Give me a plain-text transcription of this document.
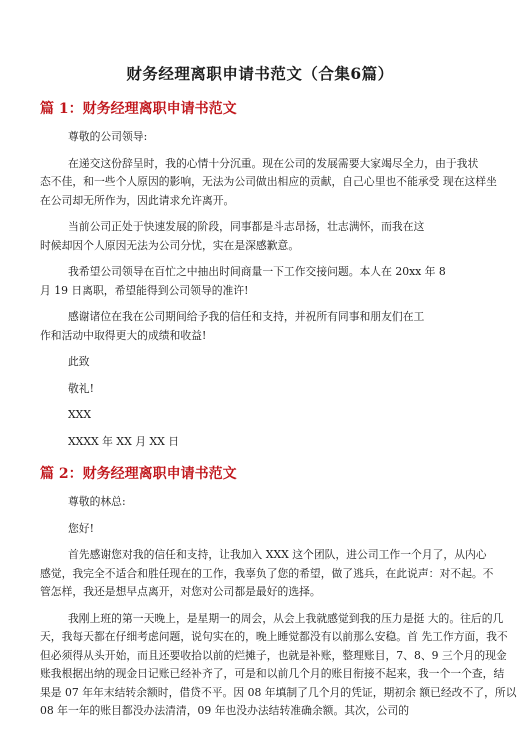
财务经理离职申请书范文（合集6篇）
篇 1：财务经理离职申请书范文
尊敬的公司领导:
在递交这份辞呈时，我的心情十分沉重。现在公司的发展需要大家竭尽全力，由于我状
态不佳，和一些个人原因的影响，无法为公司做出相应的贡献，自己心里也不能承受 现在这样坐
在公司却无所作为，因此请求允许离开。
当前公司正处于快速发展的阶段，同事都是斗志昂扬，壮志满怀，而我在这
时候却因个人原因无法为公司分忧，实在是深感歉意。
我希望公司领导在百忙之中抽出时间商量一下工作交接问题。本人在 20xx 年 8
月 19 日离职，希望能得到公司领导的准许!
感谢诸位在我在公司期间给予我的信任和支持，并祝所有同事和朋友们在工
作和活动中取得更大的成绩和收益!
此致
敬礼!
XXX
XXXX 年 XX 月 XX 日
篇 2：财务经理离职申请书范文
尊敬的林总:
您好!
首先感谢您对我的信任和支持，让我加入 XXX 这个团队，进公司工作一个月了，从内心
感觉，我完全不适合和胜任现在的工作，我辜负了您的希望，做了逃兵，在此说声：对不起。不
管怎样，我还是想早点离开，对您对公司都是最好的选择。
我刚上班的第一天晚上，是星期一的周会，从会上我就感觉到我的压力是挺 大的。往后的几
天，我每天都在仔细考虑问题，说句实在的，晚上睡觉都没有以前那么安稳。首 先工作方面，我不
但必须得从头开始，而且还要收拾以前的烂摊子，也就是补账，整理账目，7、8、9 三个月的现金
账我根据出纳的现金日记账已经补齐了，可是和以前几个月的账目衔接不起来，我一个一个查，结
果是 07 年年末结转余额时，借贷不平。因 08 年填制了几个月的凭证，期初余 额已经改不了，所以
08 年一年的账目都没办法清清，09 年也没办法结转准确余额。其次，公司的
